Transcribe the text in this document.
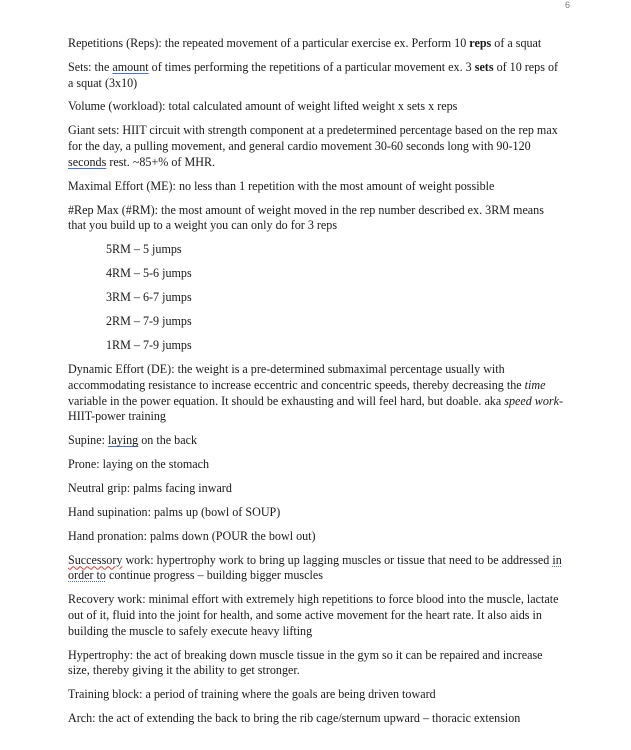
6

Repetitions (Reps): the repeated movement of a particular exercise ex. Perform 10 reps of a squat

Sets: the amount of times performing the repetitions of a particular movement ex. 3 sets of 10 reps of a squat (3x10)

Volume (workload): total calculated amount of weight lifted weight x sets x reps

Giant sets: HIIT circuit with strength component at a predetermined percentage based on the rep max for the day, a pulling movement, and general cardio movement 30-60 seconds long with 90-120 seconds rest. ~85+% of MHR.

Maximal Effort (ME): no less than 1 repetition with the most amount of weight possible

#Rep Max (#RM): the most amount of weight moved in the rep number described ex. 3RM means that you build up to a weight you can only do for 3 reps

5RM – 5 jumps

4RM – 5-6 jumps

3RM – 6-7 jumps

2RM – 7-9 jumps

1RM – 7-9 jumps

Dynamic Effort (DE): the weight is a pre-determined submaximal percentage usually with accommodating resistance to increase eccentric and concentric speeds, thereby decreasing the time variable in the power equation. It should be exhausting and will feel hard, but doable. aka speed work-HIIT-power training

Supine: laying on the back

Prone: laying on the stomach

Neutral grip: palms facing inward

Hand supination: palms up (bowl of SOUP)

Hand pronation: palms down (POUR the bowl out)

Successory work: hypertrophy work to bring up lagging muscles or tissue that need to be addressed in order to continue progress – building bigger muscles

Recovery work: minimal effort with extremely high repetitions to force blood into the muscle, lactate out of it, fluid into the joint for health, and some active movement for the heart rate. It also aids in building the muscle to safely execute heavy lifting

Hypertrophy: the act of breaking down muscle tissue in the gym so it can be repaired and increase size, thereby giving it the ability to get stronger.

Training block: a period of training where the goals are being driven toward

Arch: the act of extending the back to bring the rib cage/sternum upward – thoracic extension
